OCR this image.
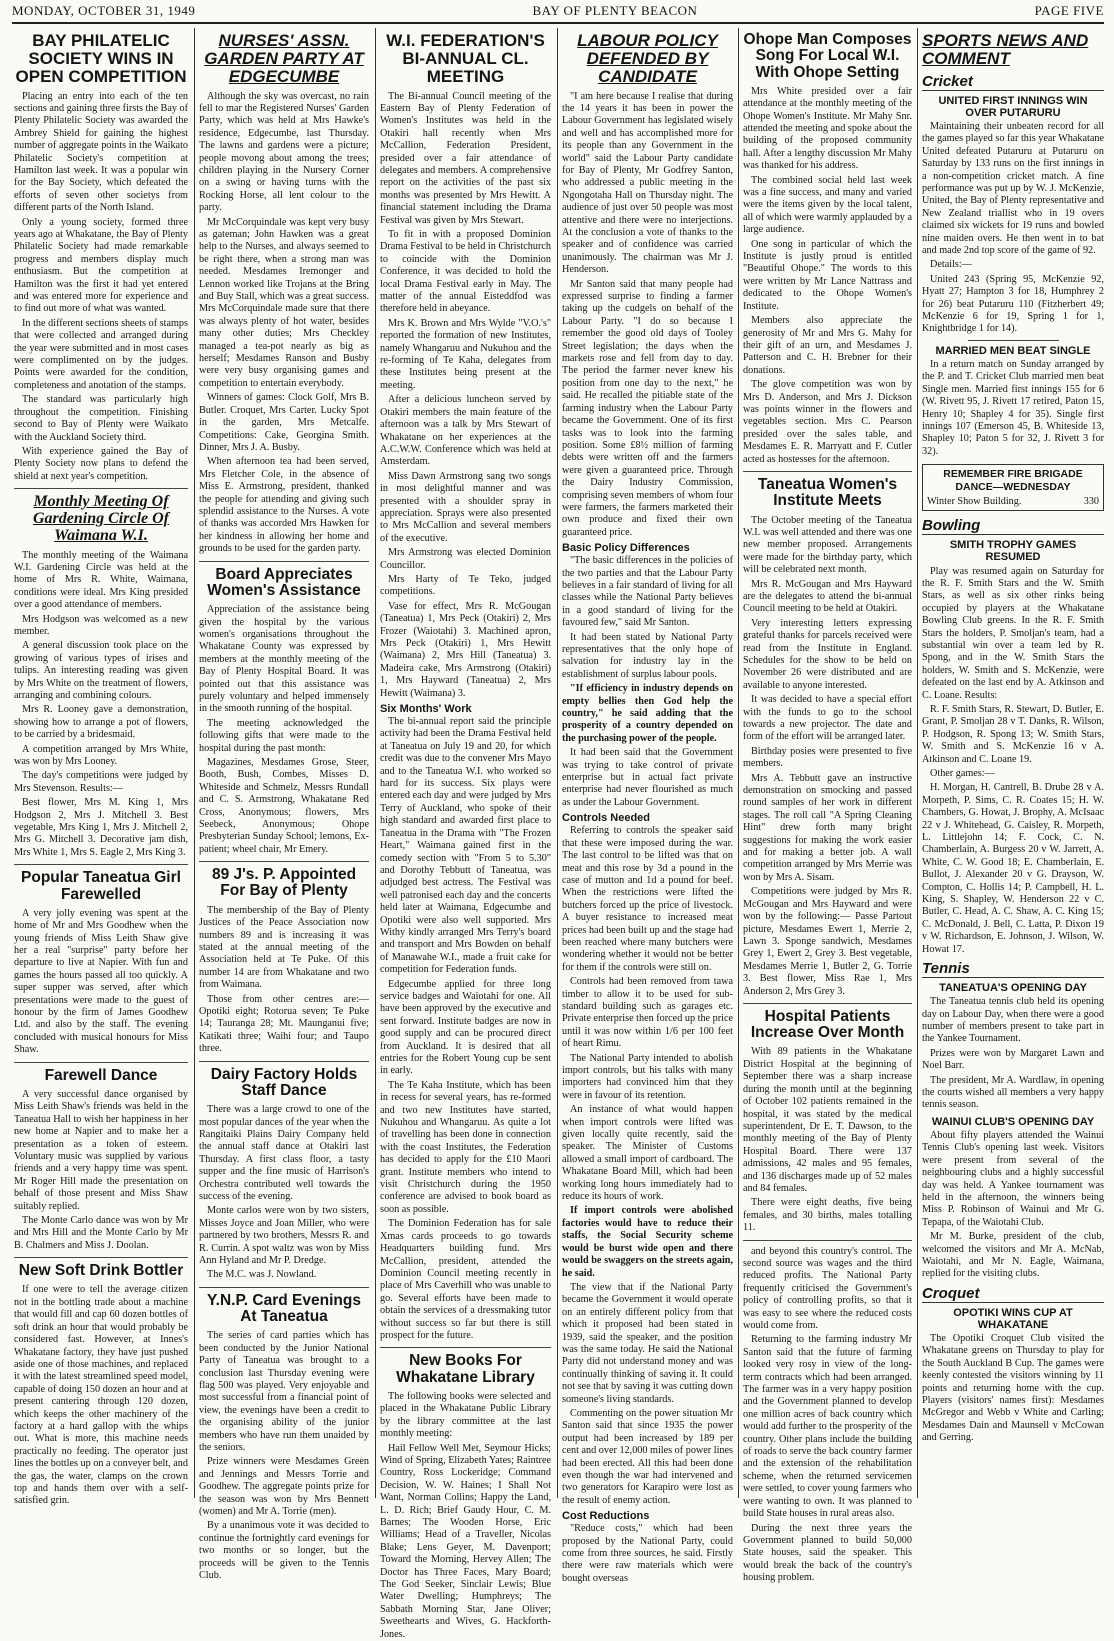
MONDAY, OCTOBER 31, 1949	BAY OF PLENTY BEACON	PAGE FIVE
BAY PHILATELIC SOCIETY WINS IN OPEN COMPETITION

Placing an entry into each of the ten sections and gaining three firsts the Bay of Plenty Philatelic Society was awarded the Ambrey Shield for gaining the highest number of aggregate points in the Waikato Philatelic Society's competition at Hamilton last week. It was a popular win for the Bay Society, which defeated the efforts of seven other societys from different parts of the North Island.

Only a young society, formed three years ago at Whakatane, the Bay of Plenty Philatelic Society had made remarkable progress and members display much enthusiasm. But the competition at Hamilton was the first it had yet entered and was entered more for experience and to find out more of what was wanted.

In the different sections sheets of stamps that were collected and arranged during the year were submitted and in most cases were complimented on by the judges. Points were awarded for the condition, completeness and anotation of the stamps.

The standard was particularly high throughout the competition. Finishing second to Bay of Plenty were Waikato with the Auckland Society third.

With experience gained the Bay of Plenty Society now plans to defend the shield at next year's competition.

Monthly Meeting Of Gardening Circle Of Waimana W.I.

The monthly meeting of the Waimana W.I. Gardening Circle was held at the home of Mrs R. White, Waimana, conditions were ideal. Mrs King presided over a good attendance of members.

Mrs Hodgson was welcomed as a new member.

A general discussion took place on the growing of various types of irises and tulips. An interesting reading was given by Mrs White on the treatment of flowers, arranging and combining colours.

Mrs R. Looney gave a demonstration, showing how to arrange a pot of flowers, to be carried by a bridesmaid.

A competition arranged by Mrs White, was won by Mrs Looney.

The day's competitions were judged by Mrs Stevenson. Results:—

Best flower, Mrs M. King 1, Mrs Hodgson 2, Mrs J. Mitchell 3. Best vegetable, Mrs King 1, Mrs J. Mitchell 2, Mrs G. Mitchell 3. Decorative jam dish, Mrs White 1, Mrs S. Eagle 2, Mrs King 3.

Popular Taneatua Girl Farewelled

A very jolly evening was spent at the home of Mr and Mrs Goodhew when the young friends of Miss Leith Shaw give her a real "surprise" party before her departure to live at Napier. With fun and games the hours passed all too quickly. A super supper was served, after which presentations were made to the guest of honour by the firm of James Goodhew Ltd. and also by the staff. The evening concluded with musical honours for Miss Shaw.

Farewell Dance

A very successful dance organised by Miss Leith Shaw's friends was held in the Taneatua Hall to wish her happiness in her new home at Napier and to make her a presentation as a token of esteem. Voluntary music was supplied by various friends and a very happy time was spent. Mr Roger Hill made the presentation on behalf of those present and Miss Shaw suitably replied.

The Monte Carlo dance was won by Mr and Mrs Hill and the Monte Carlo by Mr B. Chalmers and Miss J. Doolan.

New Soft Drink Bottler

If one were to tell the average citizen not in the bottling trade about a machine that would fill and cap 60 dozen bottles of soft drink an hour that would probably be considered fast. However, at Innes's Whakatane factory, they have just pushed aside one of those machines, and replaced it with the latest streamlined speed model, capable of doing 150 dozen an hour and at present cantering through 120 dozen, which keeps the other machinery of the factory at a hard gallop with the whips out. What is more, this machine needs practically no feeding. The operator just lines the bottles up on a conveyer belt, and the gas, the water, clamps on the crown top and hands them over with a self-satisfied grin.

NURSES' ASSN. GARDEN PARTY AT EDGECUMBE

Although the sky was overcast, no rain fell to mar the Registered Nurses' Garden Party, which was held at Mrs Hawke's residence, Edgecumbe, last Thursday. The lawns and gardens were a picture; people movong about among the trees; children playing in the Nursery Corner on a swing or having turns with the Rocking Horse, all lent colour to the party.

Mr McCorquindale was kept very busy as gateman; John Hawken was a great help to the Nurses, and always seemed to be right there, when a strong man was needed. Mesdames Iremonger and Lennon worked like Trojans at the Bring and Buy Stall, which was a great success. Mrs McCorquindale made sure that there was always plenty of hot water, besides many other duties; Mrs Checkley managed a tea-pot nearly as big as herself; Mesdames Ranson and Busby were very busy organising games and competition to entertain everybody.

Winners of games: Clock Golf, Mrs B. Butler. Croquet, Mrs Carter. Lucky Spot in the garden, Mrs Metcalfe. Competitions: Cake, Georgina Smith. Dinner, Mrs J. A. Busby.

When afternoon tea had been served, Mrs Fletcher Cole, in the absence of Miss E. Armstrong, president, thanked the people for attending and giving such splendid assistance to the Nurses. A vote of thanks was accorded Mrs Hawken for her kindness in allowing her home and grounds to be used for the garden party.

Board Appreciates Women's Assistance

Appreciation of the assistance being given the hospital by the various women's organisations throughout the Whakatane County was expressed by members at the monthly meeting of the Bay of Plenty Hospital Board. It was pointed out that this assistance was purely voluntary and helped immensely in the smooth running of the hospital.

The meeting acknowledged the following gifts that were made to the hospital during the past month:

Magazines, Mesdames Grose, Steer, Booth, Bush, Combes, Misses D. Whiteside and Schmelz, Messrs Rundall and C. S. Armstrong, Whakatane Red Cross, Anonymous; flowers, Mrs Seebeck, Anonymous; Ohope Presbyterian Sunday School; lemons, Ex-patient; wheel chair, Mr Emery.

89 J's. P. Appointed For Bay of Plenty

The membership of the Bay of Plenty Justices of the Peace Association now numbers 89 and is increasing it was stated at the annual meeting of the Association held at Te Puke. Of this number 14 are from Whakatane and two from Waimana.

Those from other centres are:— Opotiki eight; Rotorua seven; Te Puke 14; Tauranga 28; Mt. Maunganui five; Katikati three; Waihi four; and Taupo three.

Dairy Factory Holds Staff Dance

There was a large crowd to one of the most popular dances of the year when the Rangitaiki Plains Dairy Company held the annual staff dance at Otakiri last Thursday. A first class floor, a tasty supper and the fine music of Harrison's Orchestra contributed well towards the success of the evening.

Monte carlos were won by two sisters, Misses Joyce and Joan Miller, who were partnered by two brothers, Messrs R. and R. Currin. A spot waltz was won by Miss Ann Hyland and Mr P. Dredge.

The M.C. was J. Nowland.

Y.N.P. Card Evenings At Taneatua

The series of card parties which has been conducted by the Junior National Party of Taneatua was brought to a conclusion last Thursday evening were flag 500 was played. Very enjoyable and most successful from a financial point of view, the evenings have been a credit to the organising ability of the junior members who have run them unaided by the seniors.

Prize winners were Mesdames Green and Jennings and Messrs Torrie and Goodhew. The aggregate points prize for the season was won by Mrs Bennett (women) and Mr A. Torrie (men).

By a unanimous vote it was decided to continue the fortnightly card evenings for two months or so longer, but the proceeds will be given to the Tennis Club.

W.I. FEDERATION'S BI-ANNUAL CL. MEETING

The Bi-annual Council meeting of the Eastern Bay of Plenty Federation of Women's Institutes was held in the Otakiri hall recently when Mrs McCallion, Federation President, presided over a fair attendance of delegates and members. A comprehensive report on the activities of the past six months was presented by Mrs Hewitt. A financial statement including the Drama Festival was given by Mrs Stewart.

To fit in with a proposed Dominion Drama Festival to be held in Christchurch to coincide with the Dominion Conference, it was decided to hold the local Drama Festival early in May. The matter of the annual Eisteddfod was therefore held in abeyance.

Mrs K. Brown and Mrs Wylde "V.O.'s" reported the formation of new Institutes, namely Whangaruu and Nukuhou and the re-forming of Te Kaha, delegates from these Institutes being present at the meeting.

After a delicious luncheon served by Otakiri members the main feature of the afternoon was a talk by Mrs Stewart of Whakatane on her experiences at the A.C.W.W. Conference which was held at Amsterdam.

Miss Dawn Armstrong sang two songs in most delightful manner and was presented with a shoulder spray in appreciation. Sprays were also presented to Mrs McCallion and several members of the executive.

Mrs Armstrong was elected Dominion Councillor.

Mrs Harty of Te Teko, judged competitions.

Vase for effect, Mrs R. McGougan (Taneatua) 1, Mrs Peck (Otakiri) 2, Mrs Frozer (Waiotahi) 3. Machined apron, Mrs Peck (Otakiri) 1, Mrs Hewitt (Waimana) 2, Mrs Hill (Taneatua) 3. Madeira cake, Mrs Armstrong (Otakiri) 1, Mrs Hayward (Taneatua) 2, Mrs Hewitt (Waimana) 3.

Six Months' Work

The bi-annual report said the principle activity had been the Drama Festival held at Taneatua on July 19 and 20, for which credit was due to the convener Mrs Mayo and to the Taneatua W.I. who worked so hard for its success. Six plays were entered each day and were judged by Mrs Terry of Auckland, who spoke of their high standard and awarded first place to Taneatua in the Drama with "The Frozen Heart," Waimana gained first in the comedy section with "From 5 to 5.30" and Dorothy Tebbutt of Taneatua, was adjudged best actress. The Festival was well patronised each day and the concerts held later at Waimana, Edgecumbe and Opotiki were also well supported. Mrs Withy kindly arranged Mrs Terry's board and transport and Mrs Bowden on behalf of Manawahe W.I., made a fruit cake for competition for Federation funds.

Edgecumbe applied for three long service badges and Waiotahi for one. All have been approved by the executive and sent forward. Institute badges are now in good supply and can be procured direct from Auckland. It is desired that all entries for the Robert Young cup be sent in early.

The Te Kaha Institute, which has been in recess for several years, has re-formed and two new Institutes have started, Nukuhou and Whangaruu. As quite a lot of travelling has been done in connection with the coast Institutes, the Federation has decided to apply for the £10 Maori grant. Institute members who intend to visit Christchurch during the 1950 conference are advised to book board as soon as possible.

The Dominion Federation has for sale Xmas cards proceeds to go towards Headquarters building fund. Mrs McCallion, president, attended the Dominion Council meeting recently in place of Mrs Caverhill who was unable to go. Several efforts have been made to obtain the services of a dressmaking tutor without success so far but there is still prospect for the future.

New Books For Whakatane Library

The following books were selected and placed in the Whakatane Public Library by the library committee at the last monthly meeting:

Hail Fellow Well Met, Seymour Hicks; Wind of Spring, Elizabeth Yates; Raintree Country, Ross Lockeridge; Command Decision, W. W. Haines; I Shall Not Want, Norman Collins; Happy the Land, L. D. Rich; Brief Gaudy Hour, C. M. Barnes; The Wooden Horse, Eric Williams; Head of a Traveller, Nicolas Blake; Lens Geyer, M. Davenport; Toward the Morning, Hervey Allen; The Doctor has Three Faces, Mary Board; The God Seeker, Sinclair Lewis; Blue Water Dwelling; Humphreys; The Sabbath Morning Star, Jane Oliver; Sweethearts and Wives, G. Hackforth-Jones.

LABOUR POLICY DEFENDED BY CANDIDATE

"I am here because I realise that during the 14 years it has been in power the Labour Government has legislated wisely and well and has accomplished more for its people than any Government in the world" said the Labour Party candidate for Bay of Plenty, Mr Godfrey Santon, who addressed a public meeting in the Ngongotaha Hall on Thursday night. The audience of just over 50 people was most attentive and there were no interjections. At the conclusion a vote of thanks to the speaker and of confidence was carried unanimously. The chairman was Mr J. Henderson.

Mr Santon said that many people had expressed surprise to finding a farmer taking up the cudgels on behalf of the Labour Party. "I do so because I remember the good old days of Tooley Street legislation; the days when the markets rose and fell from day to day. The period the farmer never knew his position from one day to the next," he said. He recalled the pitiable state of the farming industry when the Labour Party became the Government. One of its first tasks was to look into the farming position. Some £8½ million of farming debts were written off and the farmers were given a guaranteed price. Through the Dairy Industry Commission, comprising seven members of whom four were farmers, the farmers marketed their own produce and fixed their own guaranteed price.

Basic Policy Differences

"The basic differences in the policies of the two parties and that the Labour Party believes in a fair standard of living for all classes while the National Party believes in a good standard of living for the favoured few," said Mr Santon.

It had been stated by National Party representatives that the only hope of salvation for industry lay in the establishment of surplus labour pools.

"If efficiency in industry depends on empty bellies then God help the country," he said adding that the prosperity of a country depended on the purchasing power of the people.

It had been said that the Government was trying to take control of private enterprise but in actual fact private enterprise had never flourished as much as under the Labour Government.

Controls Needed

Referring to controls the speaker said that these were imposed during the war. The last control to be lifted was that on meat and this rose by 3d a pound in the case of mutton and 1d a pound for beef. When the restrictions were lifted the butchers forced up the price of livestock. A buyer resistance to increased meat prices had been built up and the stage had been reached where many butchers were wondering whether it would not be better for them if the controls were still on.

Controls had been removed from tawa timber to allow it to be used for sub-standard building such as garages etc. Private enterprise then forced up the price until it was now within 1/6 per 100 feet of heart Rimu.

The National Party intended to abolish import controls, but his talks with many importers had convinced him that they were in favour of its retention.

An instance of what would happen when import controls were lifted was given locally quite recently, said the speaker. The Minister of Customs allowed a small import of cardboard. The Whakatane Board Mill, which had been working long hours immediately had to reduce its hours of work.

If import controls were abolished factories would have to reduce their staffs, the Social Security scheme would be burst wide open and there would be swaggers on the streets again, he said.

The view that if the National Party became the Government it would operate on an entirely different policy from that which it proposed had been stated in 1939, said the speaker, and the position was the same today. He said the National Party did not understand money and was continually thinking of saving it. It could not see that by saving it was cutting down someone's living standards.

Commenting on the power situation Mr Santon said that since 1935 the power output had been increased by 189 per cent and over 12,000 miles of power lines had been erected. All this had been done even though the war had intervened and two generators for Karapiro were lost as the result of enemy action.

Cost Reductions

"Reduce costs," which had been proposed by the National Party, could come from three sources, he said. Firstly there were raw materials which were bought overseas

Ohope Man Composes Song For Local W.I. With Ohope Setting

Mrs White presided over a fair attendance at the monthly meeting of the Ohope Women's Institute. Mr Mahy Snr. attended the meeting and spoke about the building of the proposed community hall. After a lengthy discussion Mr Mahy was thanked for his address.

The combined social held last week was a fine success, and many and varied were the items given by the local talent, all of which were warmly applauded by a large audience.

One song in particular of which the Institute is justly proud is entitled "Beautiful Ohope." The words to this were written by Mr Lance Nattrass and dedicated to the Ohope Women's Institute.

Members also appreciate the generosity of Mr and Mrs G. Mahy for their gift of an urn, and Mesdames J. Patterson and C. H. Brebner for their donations.

The glove competition was won by Mrs D. Anderson, and Mrs J. Dickson was points winner in the flowers and vegetables section. Mrs C. Pearson presided over the sales table, and Mesdames E. R. Marryatt and F. Cutler acted as hostesses for the afternoon.

Taneatua Women's Institute Meets

The October meeting of the Taneatua W.I. was well attended and there was one new member proposed. Arrangements were made for the birthday party, which will be celebrated next month.

Mrs R. McGougan and Mrs Hayward are the delegates to attend the bi-annual Council meeting to be held at Otakiri.

Very interesting letters expressing grateful thanks for parcels received were read from the Institute in England. Schedules for the show to be held on November 26 were distributed and are available to anyone interested.

It was decided to have a special effort with the funds to go to the school towards a new projector. The date and form of the effort will be arranged later.

Birthday posies were presented to five members.

Mrs A. Tebbutt gave an instructive demonstration on smocking and passed round samples of her work in different stages. The roll call "A Spring Cleaning Hint" drew forth many bright suggestions for making the work easier and for making a better job. A wall competition arranged by Mrs Merrie was won by Mrs A. Sisam.

Competitions were judged by Mrs R. McGougan and Mrs Hayward and were won by the following:— Passe Partout picture, Mesdames Ewert 1, Merrie 2, Lawn 3. Sponge sandwich, Mesdames Grey 1, Ewert 2, Grey 3. Best vegetable, Mesdames Merrie 1, Butler 2, G. Torrie 3. Best flower, Miss Rae 1, Mrs Anderson 2, Mrs Grey 3.

Hospital Patients Increase Over Month

With 89 patients in the Whakatane District Hospital at the beginning of September there was a sharp increase during the month until at the beginning of October 102 patients remained in the hospital, it was stated by the medical superintendent, Dr E. T. Dawson, to the monthly meeting of the Bay of Plenty Hospital Board. There were 137 admissions, 42 males and 95 females, and 136 discharges made up of 52 males and 84 females.

There were eight deaths, five being females, and 30 births, males totalling 11.

and beyond this country's control. The second source was wages and the third reduced profits. The National Party frequently criticised the Government's policy of controlling profits, so that it was easy to see where the reduced costs would come from.

Returning to the farming industry Mr Santon said that the future of farming looked very rosy in view of the long-term contracts which had been arranged. The farmer was in a very happy position and the Government planned to develop one million acres of back country which would add further to the prosperity of the country. Other plans include the building of roads to serve the back country farmer and the extension of the rehabilitation scheme, when the returned servicemen were settled, to cover young farmers who were wanting to own. It was planned to build State houses in rural areas also.

During the next three years the Government planned to build 50,000 State houses, said the speaker. This would break the back of the country's housing problem.

SPORTS NEWS AND COMMENT
Cricket
UNITED FIRST INNINGS WIN OVER PUTARURU

Maintaining their unbeaten record for all the games played so far this year Whakatane United defeated Putaruru at Putaruru on Saturday by 133 runs on the first innings in a non-competition cricket match. A fine performance was put up by W. J. McKenzie, United, the Bay of Plenty representative and New Zealand triallist who in 19 overs claimed six wickets for 19 runs and bowled nine maiden overs. He then went in to bat and made 2nd top score of the game of 92.

Details:—

United 243 (Spring 95, McKenzie 92, Hyatt 27; Hampton 3 for 18, Humphrey 2 for 26) beat Putaruru 110 (Fitzherbert 49; McKenzie 6 for 19, Spring 1 for 1, Knightbridge 1 for 14).

MARRIED MEN BEAT SINGLE

In a return match on Sunday arranged by the P. and T. Cricket Club married men beat Single men. Married first innings 155 for 6 (W. Rivett 95, J. Rivett 17 retired, Paton 15, Henry 10; Shapley 4 for 35). Single first innings 107 (Emerson 45, B. Whiteside 13, Shapley 10; Paton 5 for 32, J. Rivett 3 for 32).

REMEMBER FIRE BRIGADE DANCE—WEDNESDAY
Winter Show Building.	330
Bowling
SMITH TROPHY GAMES RESUMED

Play was resumed again on Saturday for the R. F. Smith Stars and the W. Smith Stars, as well as six other rinks being occupied by players at the Whakatane Bowling Club greens. In the R. F. Smith Stars the holders, P. Smoljan's team, had a substantial win over a team led by R. Spong, and in the W. Smith Stars the holders, W. Smith and S. McKenzie, were defeated on the last end by A. Atkinson and C. Loane. Results:

R. F. Smith Stars, R. Stewart, D. Butler, E. Grant, P. Smoljan 28 v T. Danks, R. Wilson, P. Hodgson, R. Spong 13; W. Smith Stars, W. Smith and S. McKenzie 16 v A. Atkinson and C. Loane 19.

Other games:—

H. Morgan, H. Cantrell, B. Drube 28 v A. Morpeth, P. Sims, C. R. Coates 15; H. W. Chambers, G. Howat, J. Brophy, A. McIsaac 22 v J. Whitehead, G. Caisley, R. Morpeth, L. Littlejohn 14; F. Cock, C. N. Chamberlain, A. Burgess 20 v W. Jarrett, A. White, C. W. Good 18; E. Chamberlain, E. Bullot, J. Alexander 20 v G. Drayson, W. Compton, C. Hollis 14; P. Campbell, H. L. King, S. Shapley, W. Henderson 22 v C. Butler, C. Head, A. C. Shaw, A. C. King 15; C. McDonald, J. Bell, C. Latta, P. Dixon 19 v W. Richardson, E. Johnson, J. Wilson, W. Howat 17.

Tennis
TANEATUA'S OPENING DAY

The Taneatua tennis club held its opening day on Labour Day, when there were a good number of members present to take part in the Yankee Tournament.

Prizes were won by Margaret Lawn and Noel Barr.

The president, Mr A. Wardlaw, in opening the courts wished all members a very happy tennis season.

WAINUI CLUB'S OPENING DAY

About fifty players attended the Wainui Tennis Club's opening last week. Visitors were present from several of the neighbouring clubs and a highly successful day was held. A Yankee tournament was held in the afternoon, the winners being Miss P. Robinson of Wainui and Mr G. Tepapa, of the Waiotahi Club.

Mr M. Burke, president of the club, welcomed the visitors and Mr A. McNab, Waiotahi, and Mr N. Eagle, Waimana, replied for the visiting clubs.

Croquet
OPOTIKI WINS CUP AT WHAKATANE

The Opotiki Croquet Club visited the Whakatane greens on Thursday to play for the South Auckland B Cup. The games were keenly contested the visitors winning by 11 points and returning home with the cup. Players (visitors' names first): Mesdames McGregor and Webb v White and Carling; Mesdames Dain and Maunsell v McCowan and Gerring.
